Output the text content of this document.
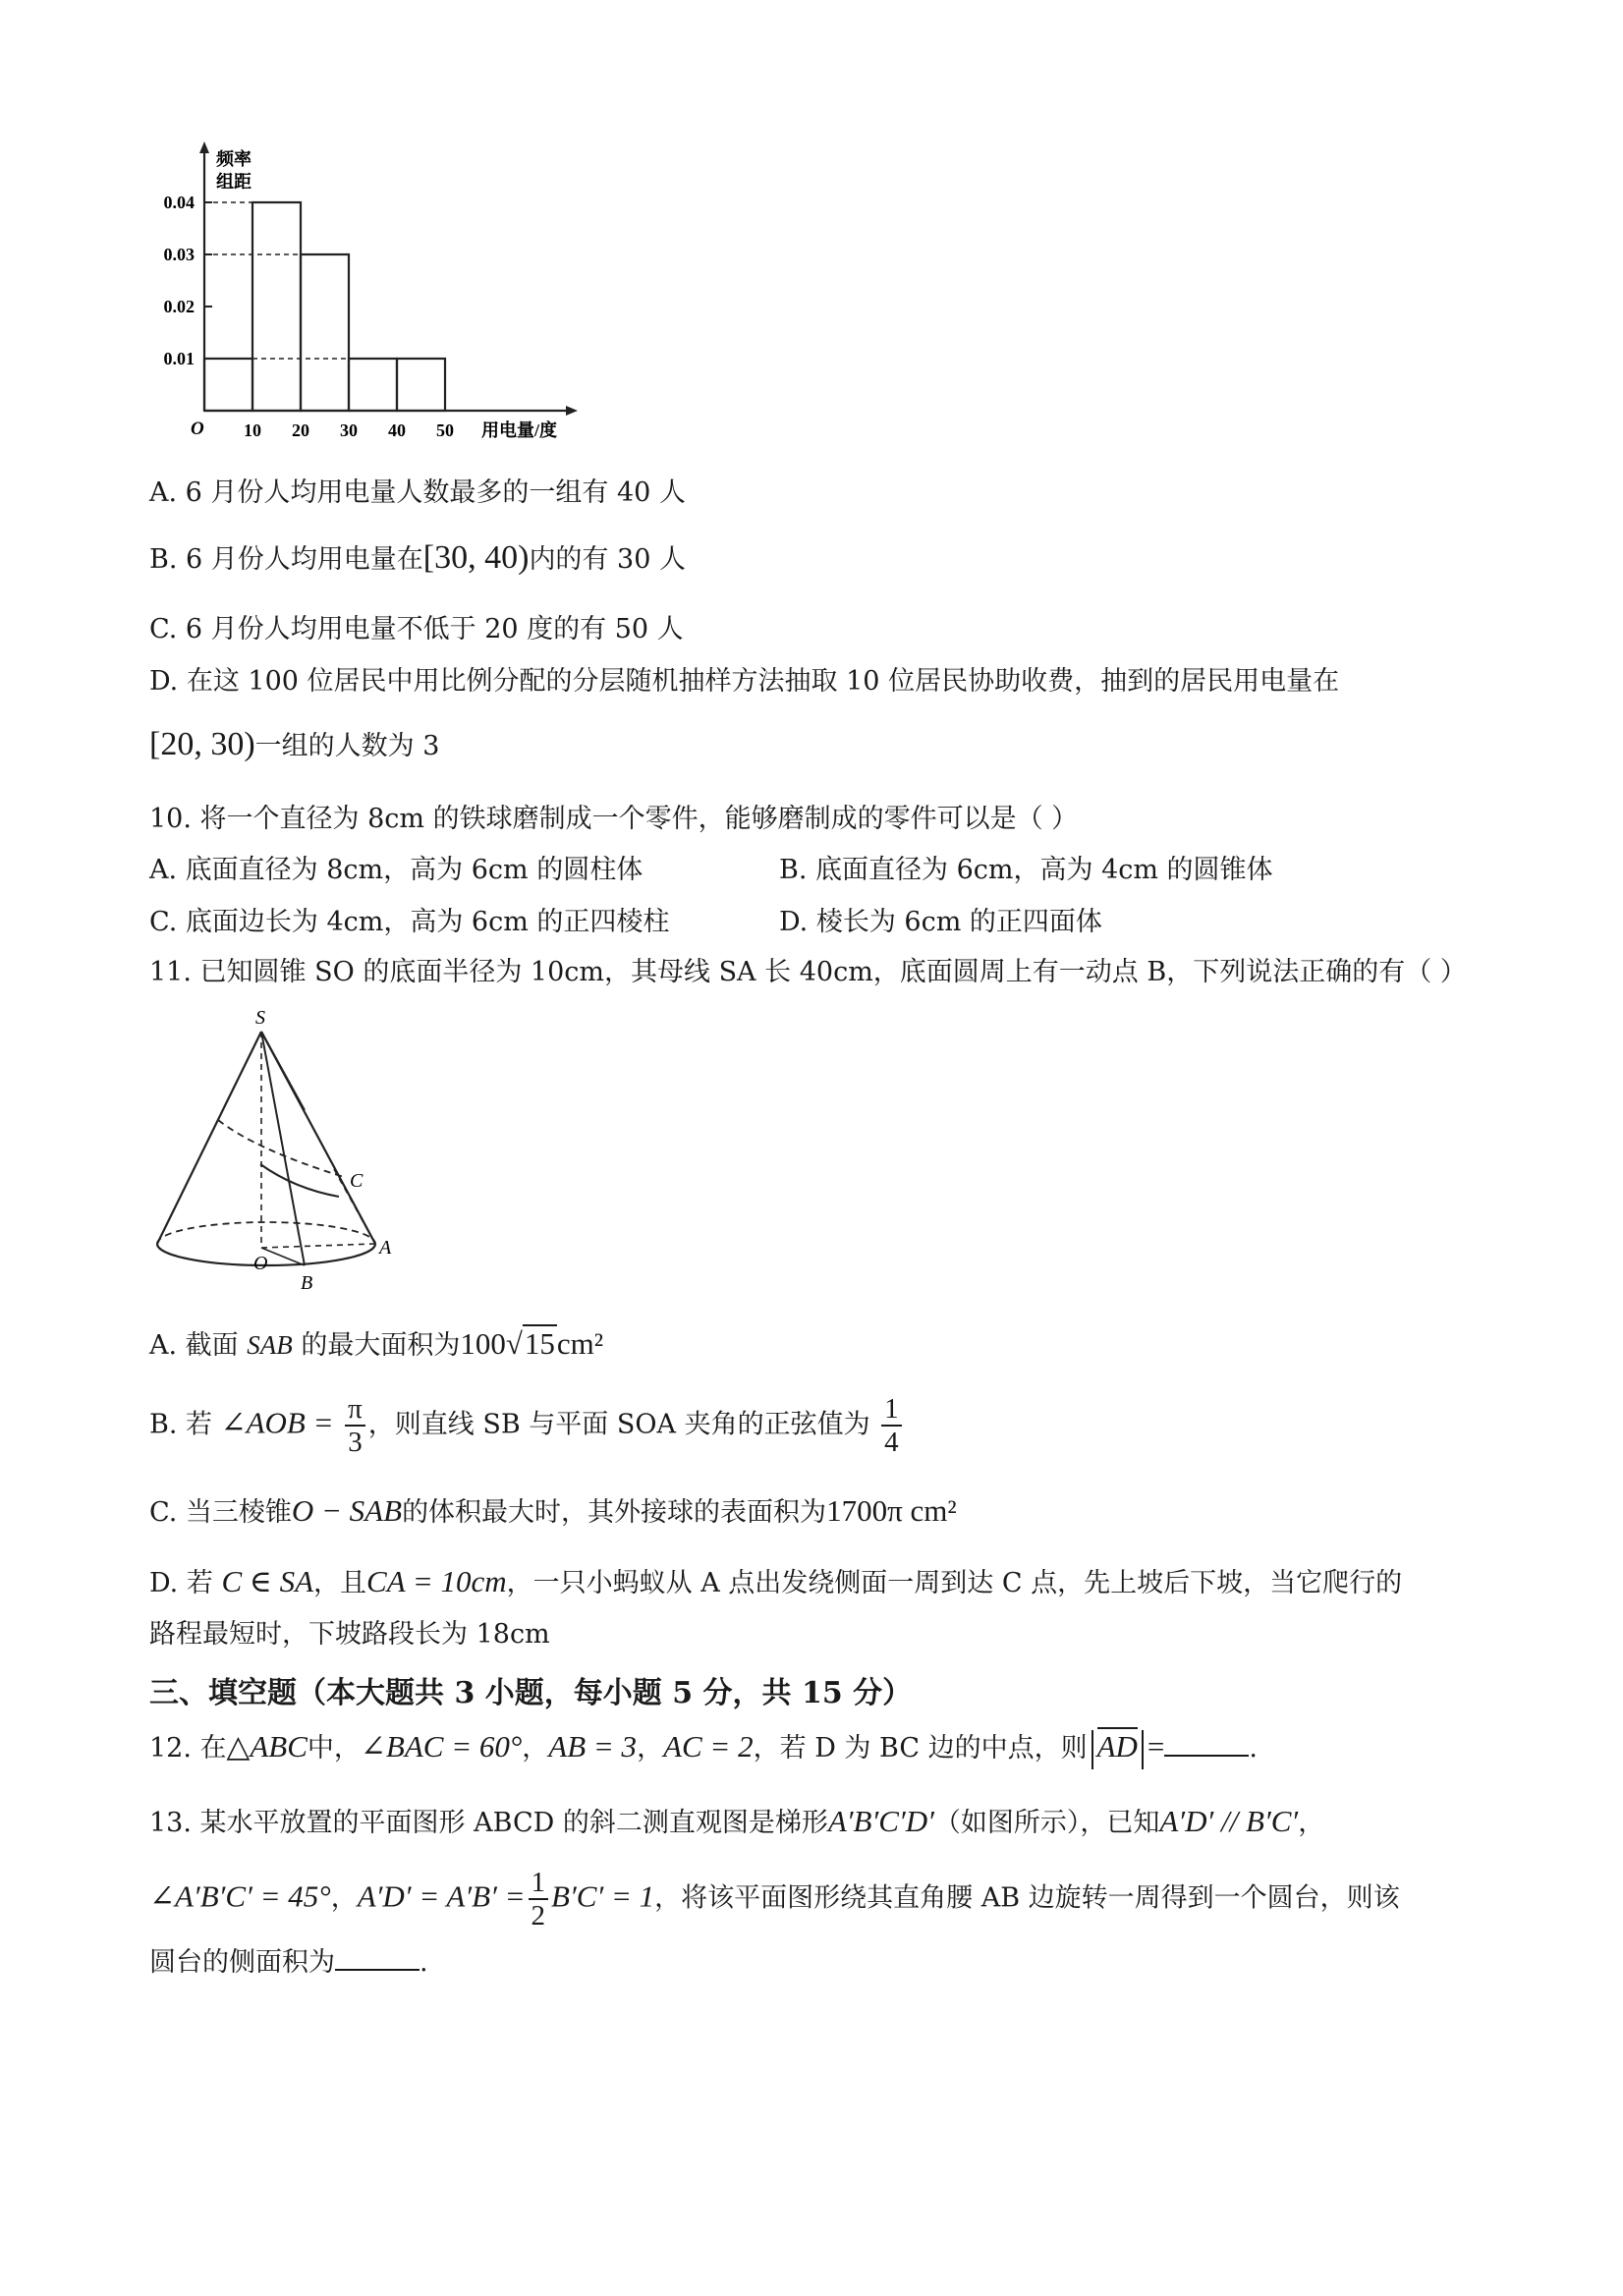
0.01
0.02
0.03
0.04
10 20 30 40 50
频率
组距
用电量/度
O
A. 6 月份人均用电量人数最多的一组有 40 人
B. 6 月份人均用电量在[30, 40)内的有 30 人
C. 6 月份人均用电量不低于 20 度的有 50 人
D. 在这 100 位居民中用比例分配的分层随机抽样方法抽取 10 位居民协助收费，抽到的居民用电量在
[20, 30)一组的人数为 3
10. 将一个直径为 8cm 的铁球磨制成一个零件，能够磨制成的零件可以是（ ）
A. 底面直径为 8cm，高为 6cm 的圆柱体	B. 底面直径为 6cm，高为 4cm 的圆锥体
C. 底面边长为 4cm，高为 6cm 的正四棱柱	D. 棱长为 6cm 的正四面体
11. 已知圆锥 SO 的底面半径为 10cm，其母线 SA 长 40cm，底面圆周上有一动点 B，下列说法正确的有（ ）
S
C
O
A
B
A. 截面 SAB 的最大面积为100√15cm²
B. 若 ∠AOB = $\frac{\pi}{3}$ ，则直线 SB 与平面 SOA 夹角的正弦值为 $\frac{1}{4}$
C. 当三棱锥O − SAB的体积最大时，其外接球的表面积为1700π cm²
D. 若 C ∈ SA，且CA = 10cm，一只小蚂蚁从 A 点出发绕侧面一周到达 C 点，先上坡后下坡，当它爬行的
路程最短时，下坡路段长为 18cm
三、填空题（本大题共 3 小题，每小题 5 分，共 15 分）
12. 在△ABC中，∠BAC = 60°，AB = 3，AC = 2，若 D 为 BC 边的中点，则 AD =	.
13. 某水平放置的平面图形 ABCD 的斜二测直观图是梯形A′B′C′D′（如图所示），已知A′D′ // B′C′，
∠A′B′C′ = 45°，$A'D' = A'B' = \frac{1}{2} B'C' = 1$，将该平面图形绕其直角腰 AB 边旋转一周得到一个圆台，则该
圆台的侧面积为	.
